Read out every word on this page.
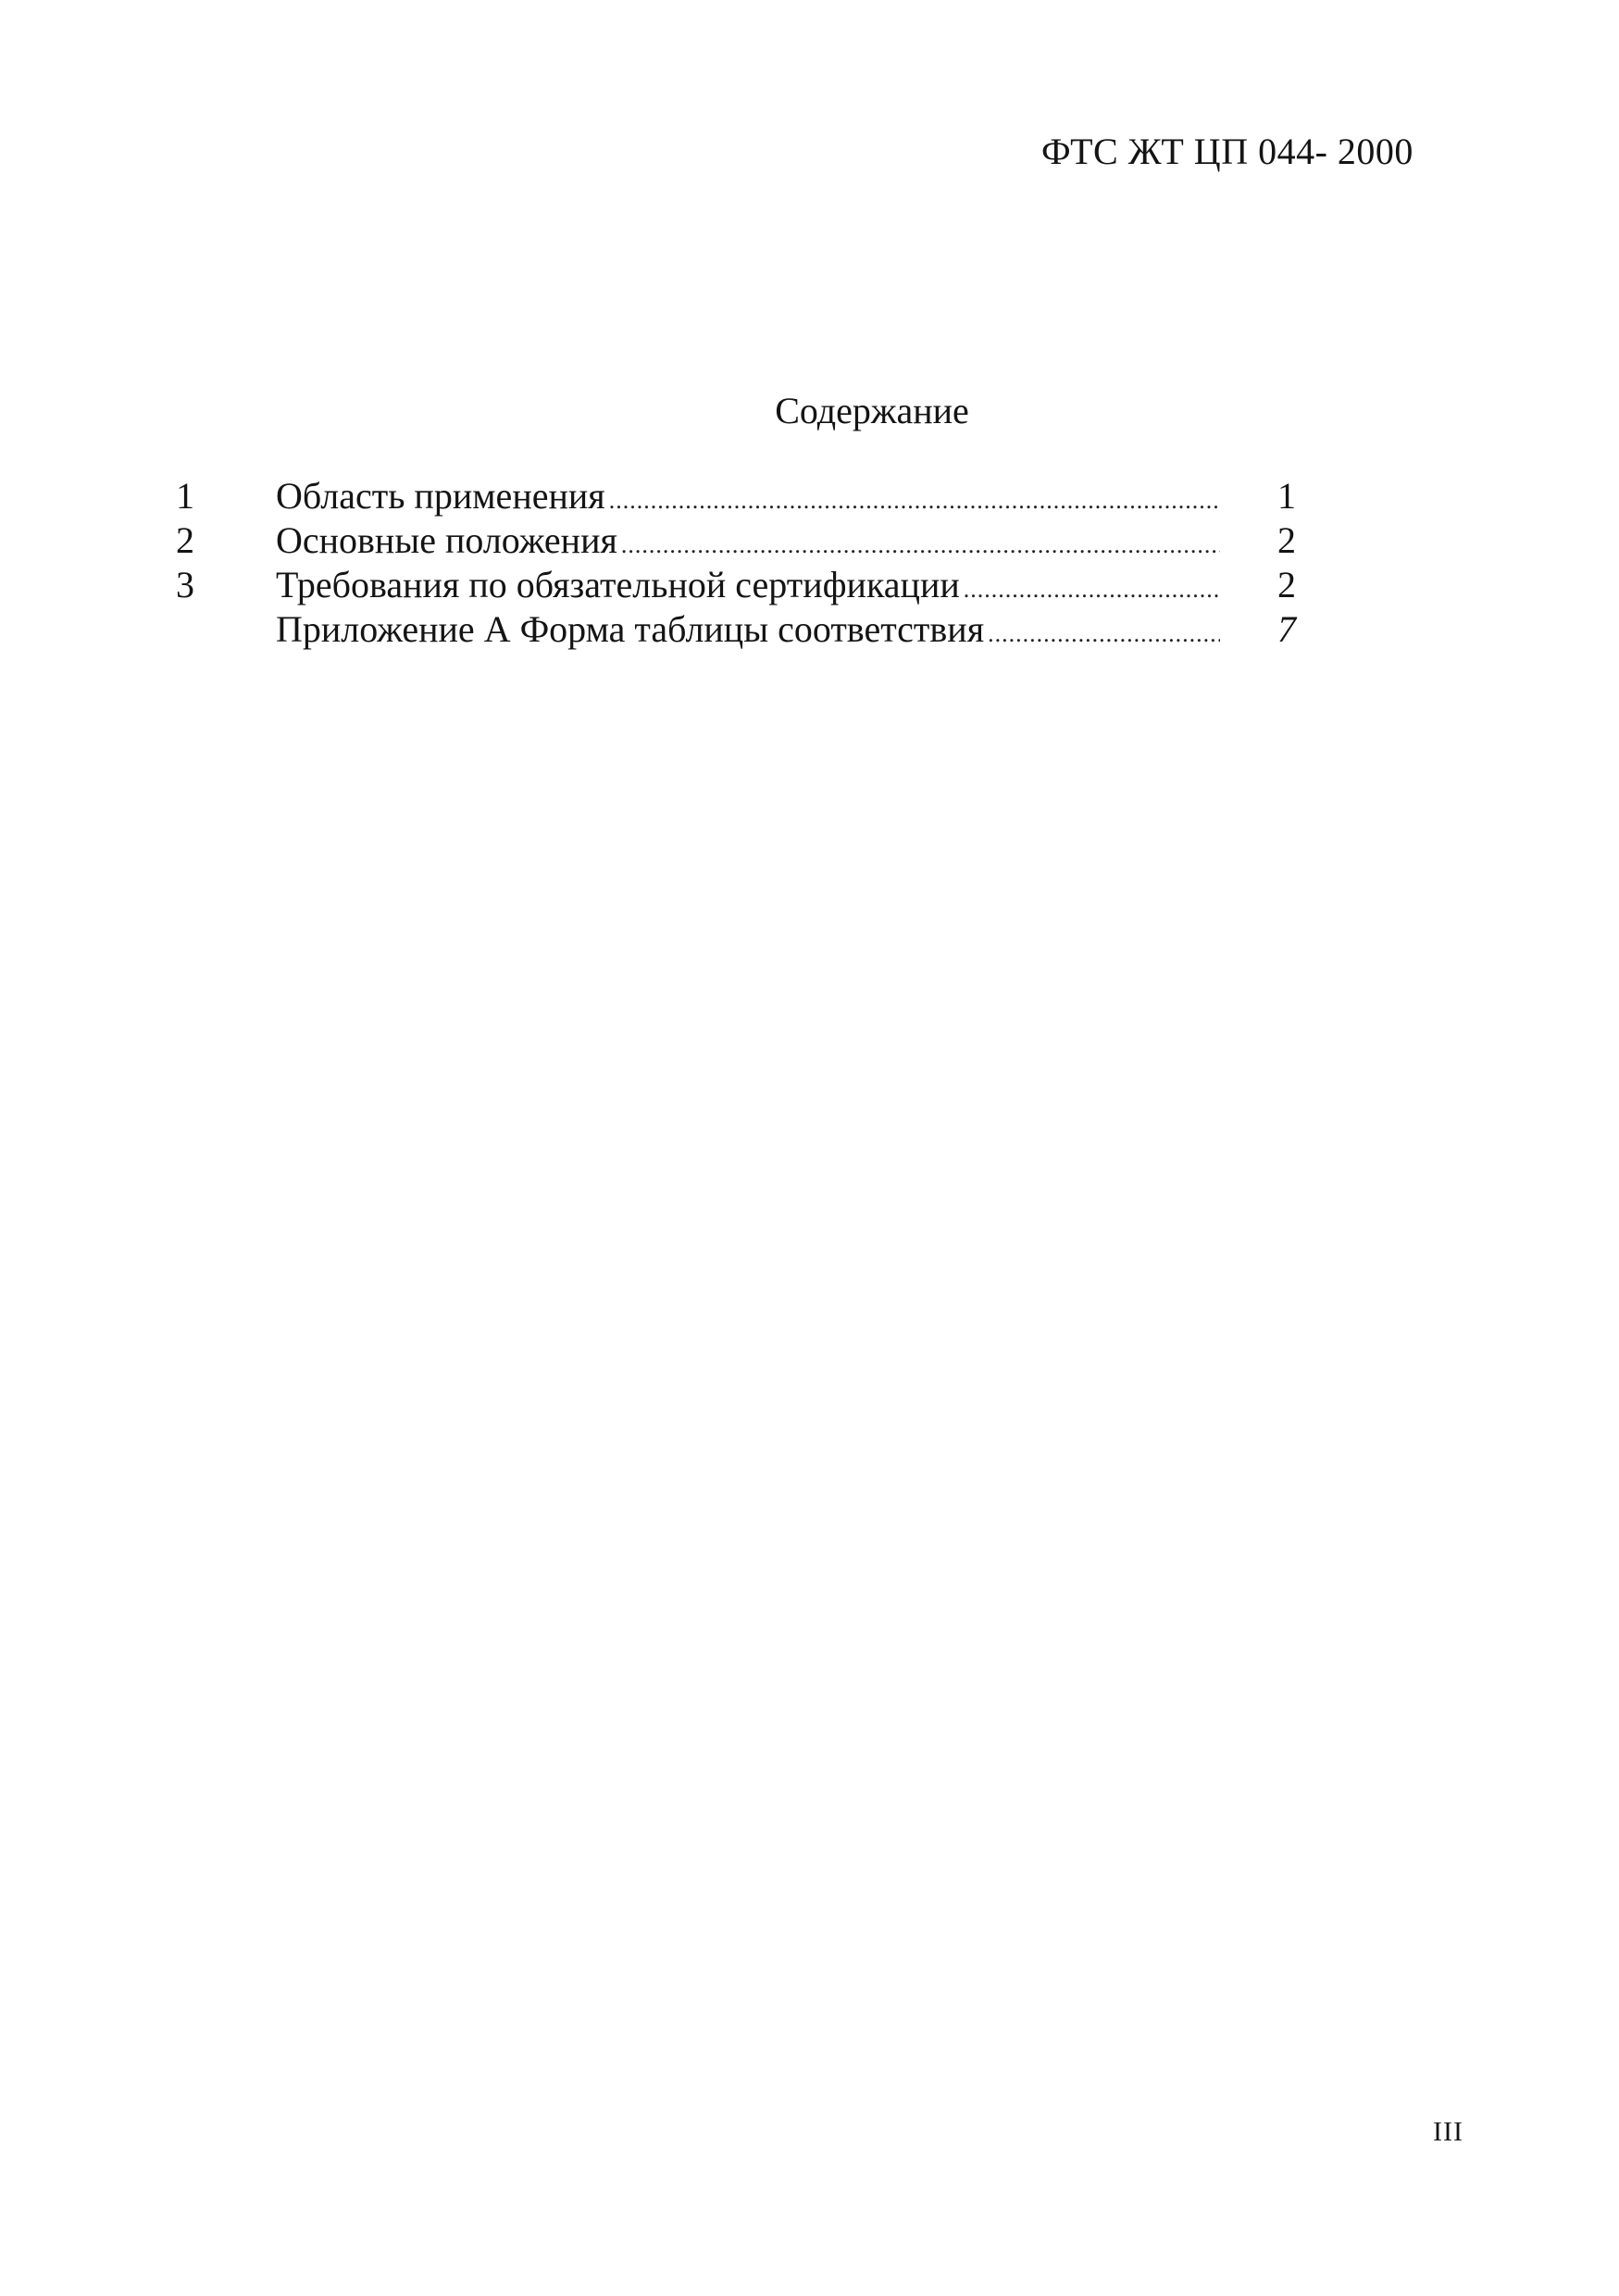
ФТС ЖТ ЦП 044- 2000
Содержание
1	Область применения .....	1
2	Основные положения .....	2
3	Требования по обязательной сертификации .....	2
Приложение А Форма таблицы соответствия .....	7
III
